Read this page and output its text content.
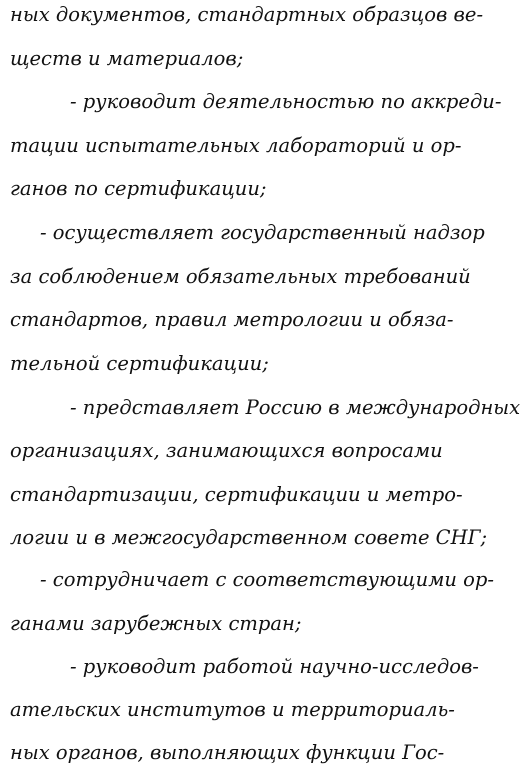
ных документов, стандартных образцов ве-
ществ и материалов;
- руководит деятельностью по аккреди-
тации испытательных лабораторий и ор-
ганов по сертификации;
- осуществляет государственный надзор
за соблюдением обязательных требований
стандартов, правил метрологии и обяза-
тельной сертификации;
- представляет Россию в международных
организациях, занимающихся вопросами
стандартизации, сертификации и метро-
логии и в межгосударственном совете СНГ;
- сотрудничает с соответствующими ор-
ганами зарубежных стран;
- руководит работой научно-исследов-
ательских институтов и территориаль-
ных органов, выполняющих функции Гос-
